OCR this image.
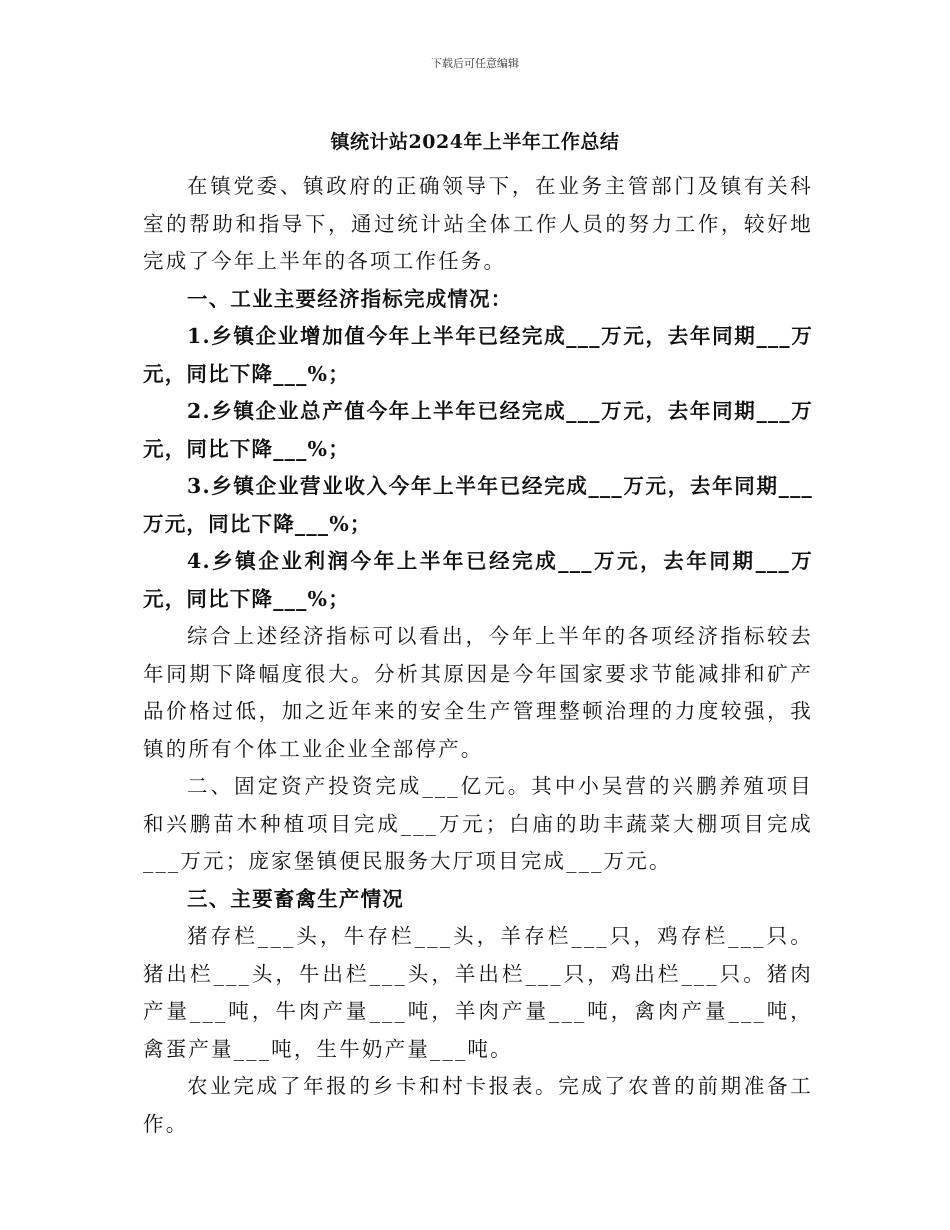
下载后可任意编辑
镇统计站2024年上半年工作总结

在镇党委、镇政府的正确领导下，在业务主管部门及镇有关科室的帮助和指导下，通过统计站全体工作人员的努力工作，较好地完成了今年上半年的各项工作任务。

一、工业主要经济指标完成情况：

1.乡镇企业增加值今年上半年已经完成___万元，去年同期___万元，同比下降___%；

2.乡镇企业总产值今年上半年已经完成___万元，去年同期___万元，同比下降___%；

3.乡镇企业营业收入今年上半年已经完成___万元，去年同期___万元，同比下降___%；

4.乡镇企业利润今年上半年已经完成___万元，去年同期___万元，同比下降___%；

综合上述经济指标可以看出，今年上半年的各项经济指标较去年同期下降幅度很大。分析其原因是今年国家要求节能减排和矿产品价格过低，加之近年来的安全生产管理整顿治理的力度较强，我镇的所有个体工业企业全部停产。

二、固定资产投资完成___亿元。其中小吴营的兴鹏养殖项目和兴鹏苗木种植项目完成___万元；白庙的助丰蔬菜大棚项目完成___万元；庞家堡镇便民服务大厅项目完成___万元。

三、主要畜禽生产情况

猪存栏___头，牛存栏___头，羊存栏___只，鸡存栏___只。猪出栏___头，牛出栏___头，羊出栏___只，鸡出栏___只。猪肉产量___吨，牛肉产量___吨，羊肉产量___吨，禽肉产量___吨，禽蛋产量___吨，生牛奶产量___吨。

农业完成了年报的乡卡和村卡报表。完成了农普的前期准备工作。
